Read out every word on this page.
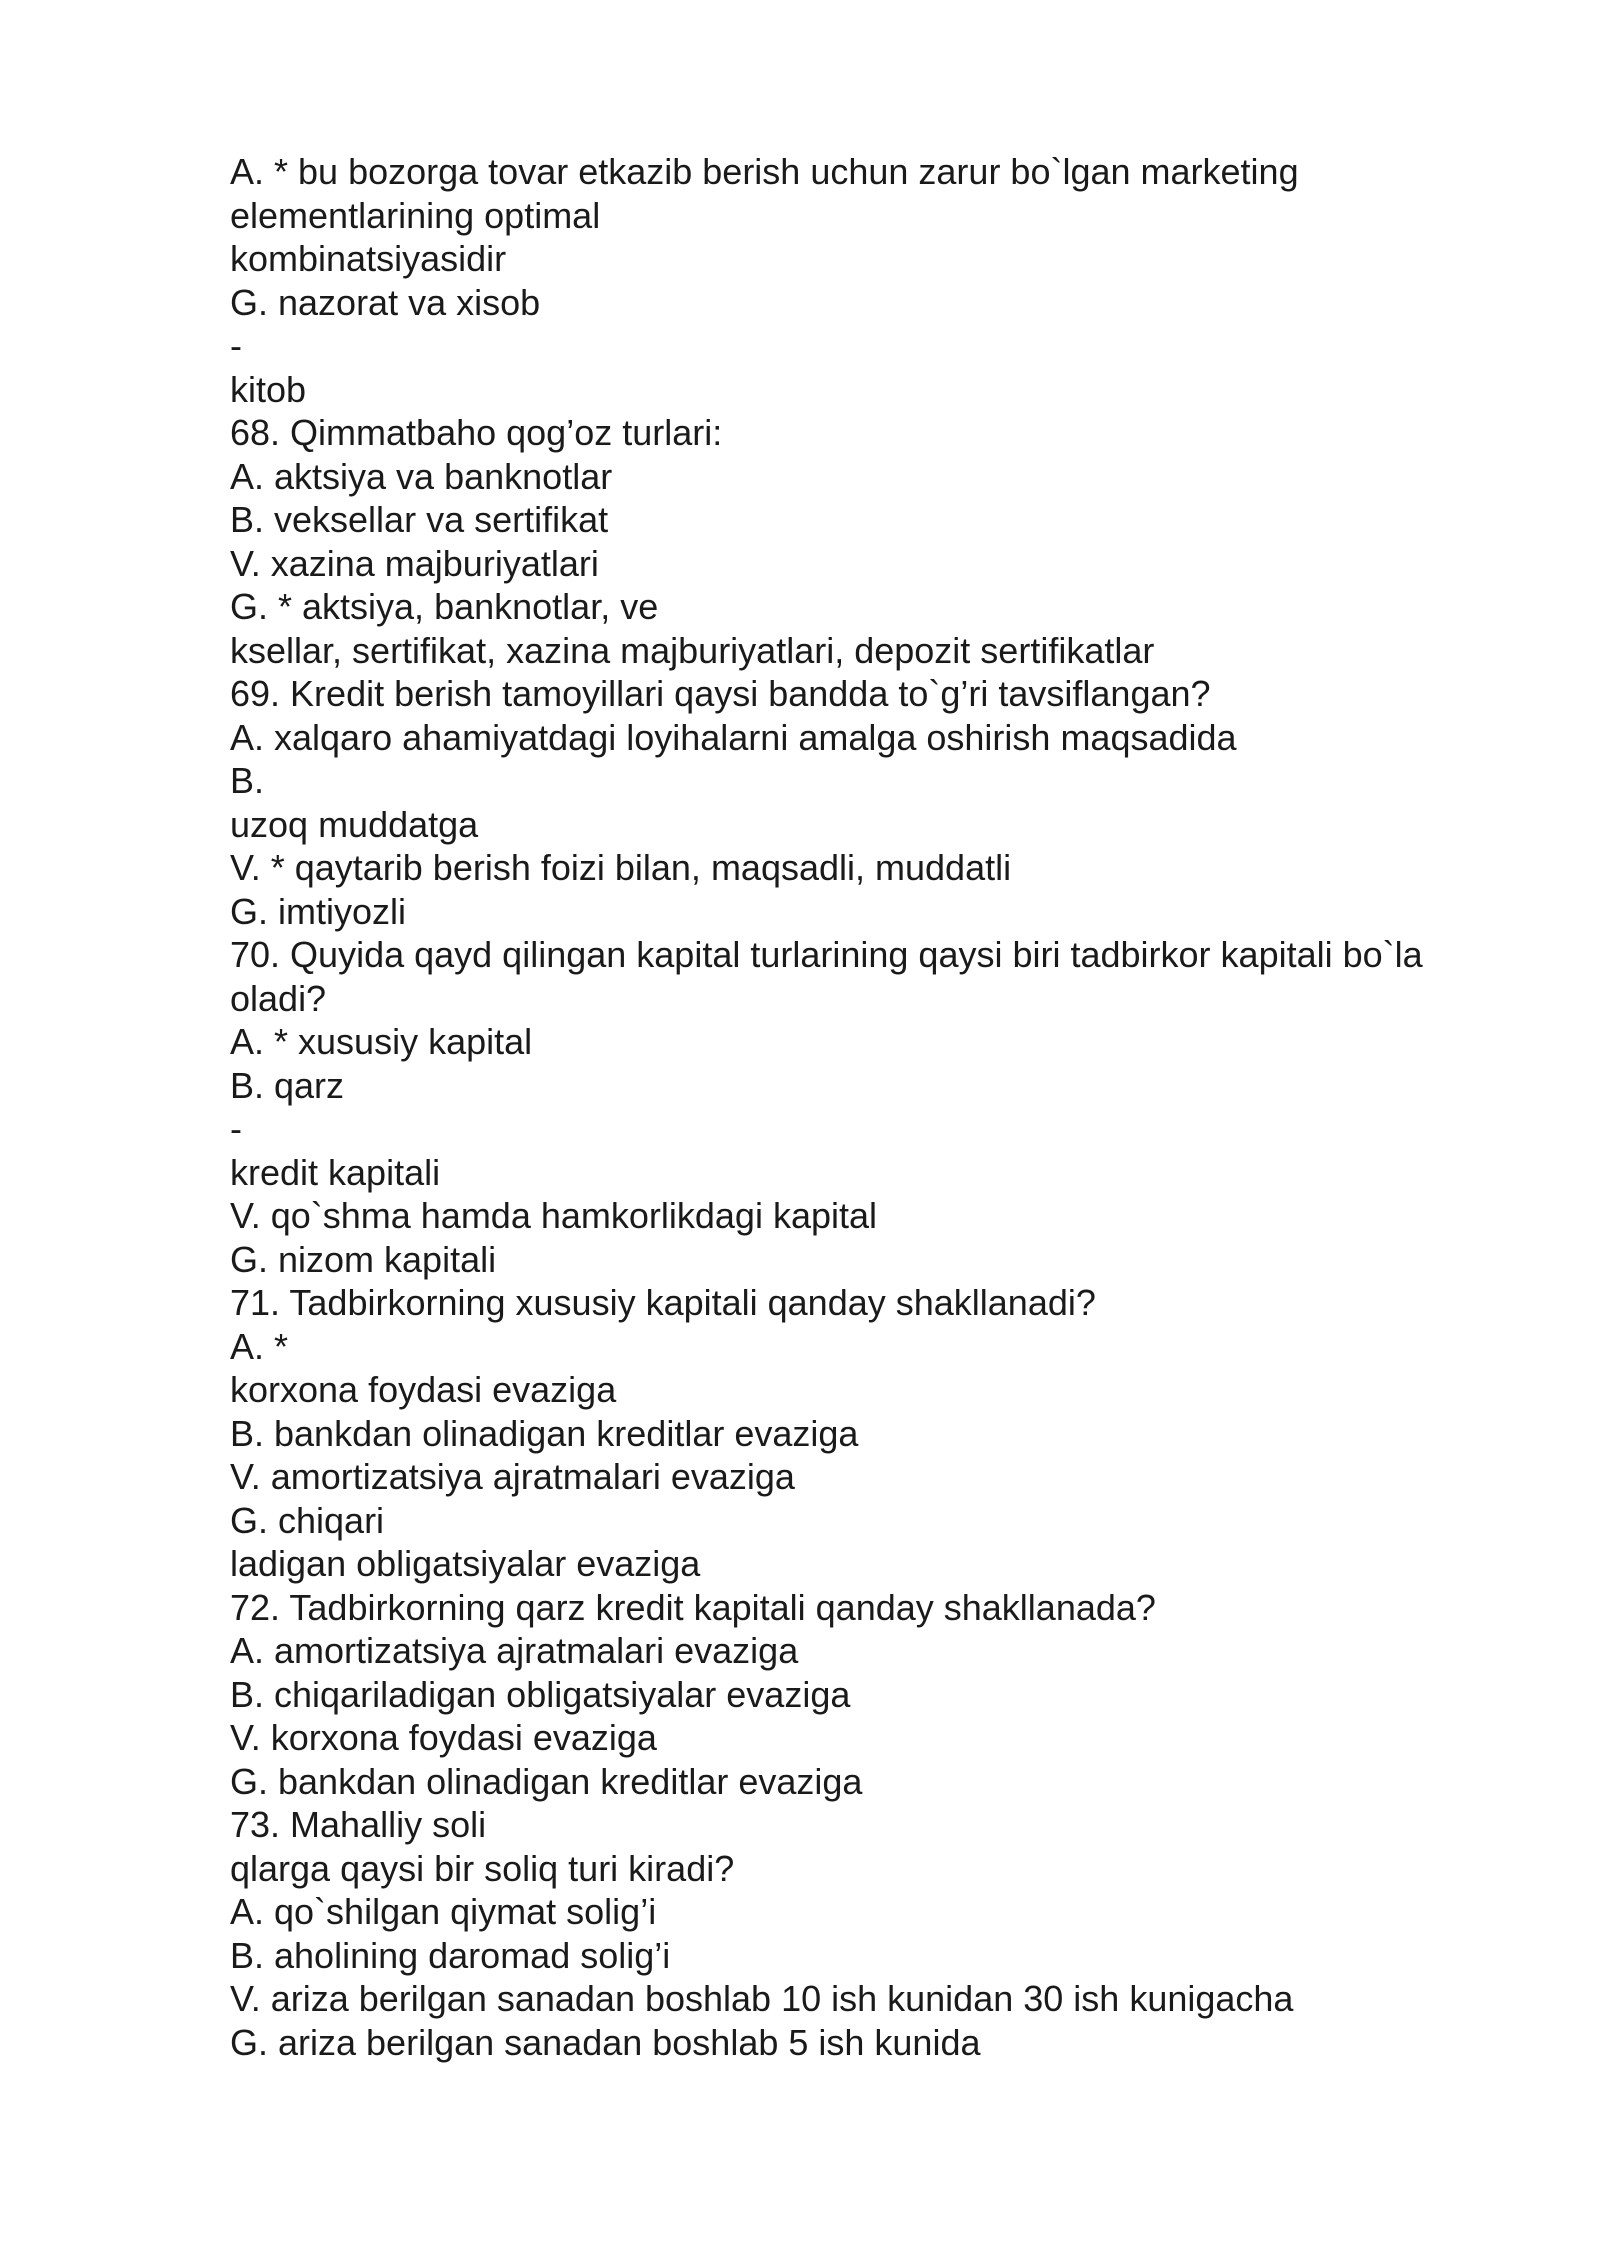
A. * bu bozorga tovar etkazib berish uchun zarur bo`lgan marketing
elementlarining optimal
kombinatsiyasidir
G. nazorat va xisob
-
kitob
68. Qimmatbaho qog’oz turlari:
A. aktsiya va banknotlar
B. veksellar va sertifikat
V. xazina majburiyatlari
G. * aktsiya, banknotlar, ve
ksellar, sertifikat, xazina majburiyatlari, depozit sertifikatlar
69. Kredit berish tamoyillari qaysi bandda to`g’ri tavsiflangan?
A. xalqaro ahamiyatdagi loyihalarni amalga oshirish maqsadida
B.
uzoq muddatga
V. * qaytarib berish foizi bilan, maqsadli, muddatli
G. imtiyozli
70. Quyida qayd qilingan kapital turlarining qaysi biri tadbirkor kapitali bo`la
oladi?
A. * xususiy kapital
B. qarz
-
kredit kapitali
V. qo`shma hamda hamkorlikdagi kapital
G. nizom kapitali
71. Tadbirkorning xususiy kapitali qanday shakllanadi?
A. *
korxona foydasi evaziga
B. bankdan olinadigan kreditlar evaziga
V. amortizatsiya ajratmalari evaziga
G. chiqari
ladigan obligatsiyalar evaziga
72. Tadbirkorning qarz kredit kapitali qanday shakllanada?
A. amortizatsiya ajratmalari evaziga
B. chiqariladigan obligatsiyalar evaziga
V. korxona foydasi evaziga
G. bankdan olinadigan kreditlar evaziga
73. Mahalliy soli
qlarga qaysi bir soliq turi kiradi?
A. qo`shilgan qiymat solig’i
B. aholining daromad solig’i
V. ariza berilgan sanadan boshlab 10 ish kunidan 30 ish kunigacha
G. ariza berilgan sanadan boshlab 5 ish kunida
